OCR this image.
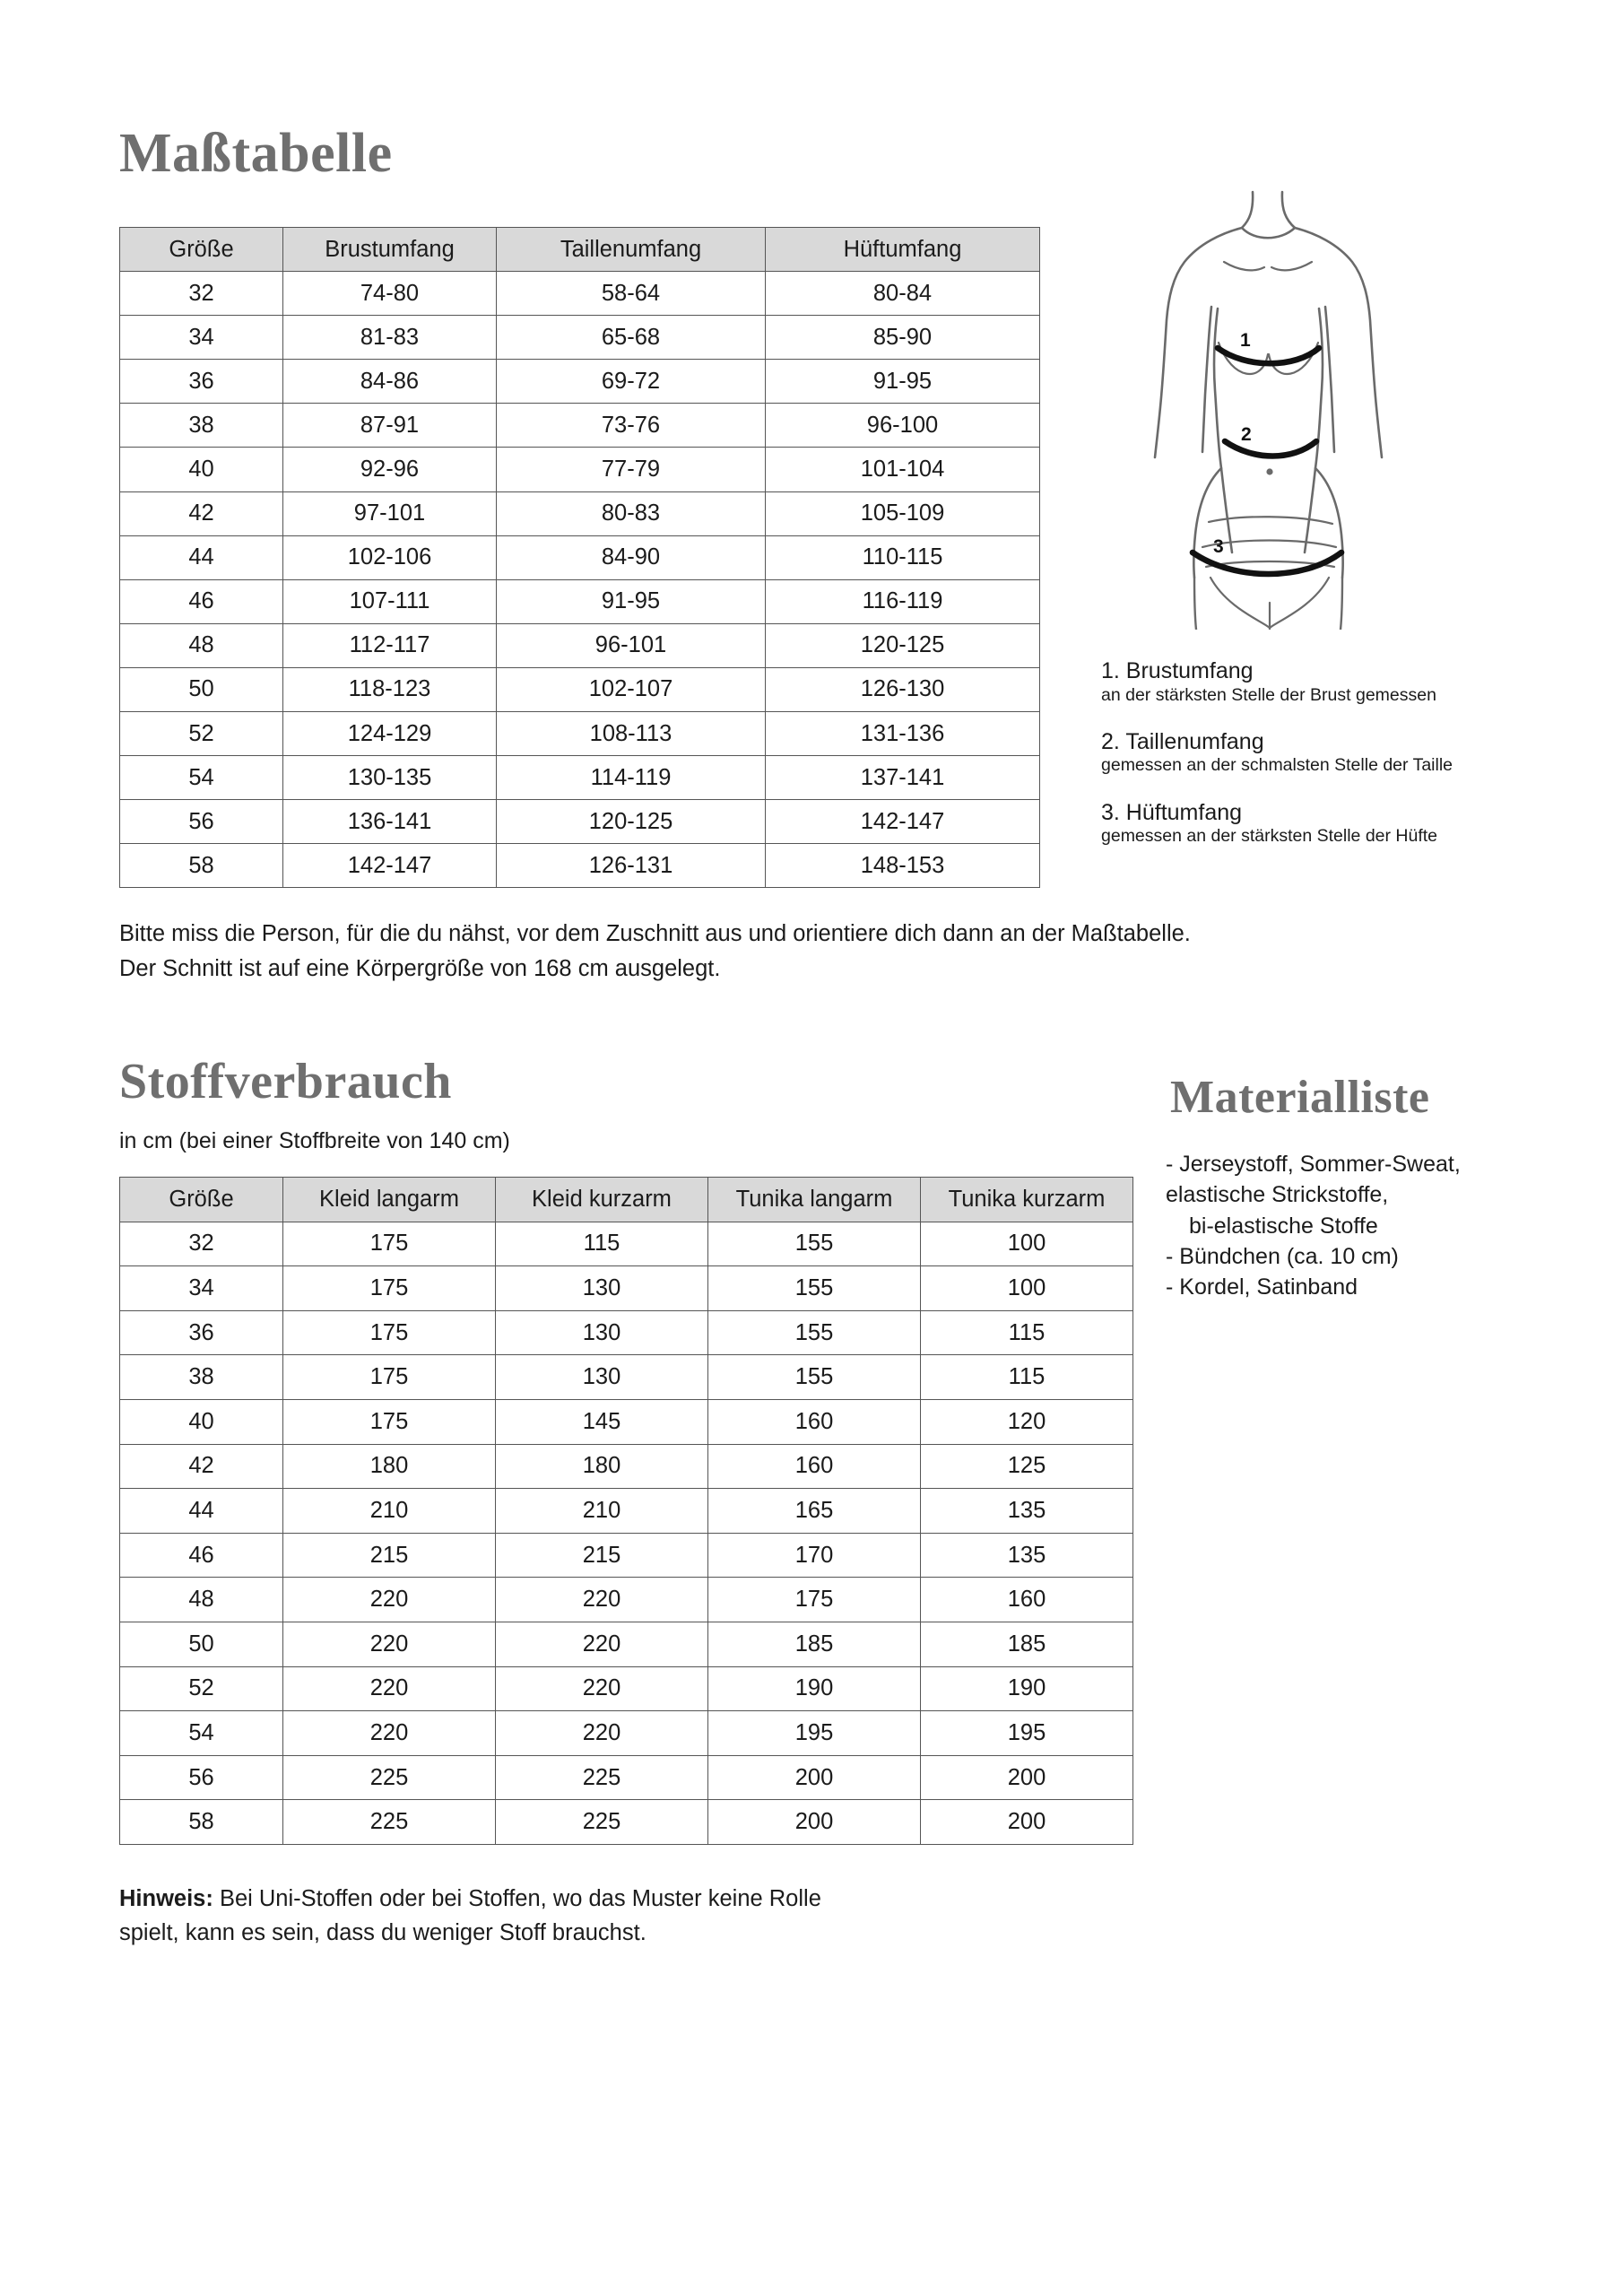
Maßtabelle
Größe	Brustumfang	Taillenumfang	Hüftumfang
32	74-80	58-64	80-84
34	81-83	65-68	85-90
36	84-86	69-72	91-95
38	87-91	73-76	96-100
40	92-96	77-79	101-104
42	97-101	80-83	105-109
44	102-106	84-90	110-115
46	107-111	91-95	116-119
48	112-117	96-101	120-125
50	118-123	102-107	126-130
52	124-129	108-113	131-136
54	130-135	114-119	137-141
56	136-141	120-125	142-147
58	142-147	126-131	148-153
1
2
3
1. Brustumfang
an der stärksten Stelle der Brust gemessen
2. Taillenumfang
gemessen an der schmalsten Stelle der Taille
3. Hüftumfang
gemessen an der stärksten Stelle der Hüfte
Bitte miss die Person, für die du nähst, vor dem Zuschnitt aus und orientiere dich dann an der Maßtabelle.
Der Schnitt ist auf eine Körpergröße von 168 cm ausgelegt.
Stoffverbrauch
in cm (bei einer Stoffbreite von 140 cm)
Größe	Kleid langarm	Kleid kurzarm	Tunika langarm	Tunika kurzarm
32	175	115	155	100
34	175	130	155	100
36	175	130	155	115
38	175	130	155	115
40	175	145	160	120
42	180	180	160	125
44	210	210	165	135
46	215	215	170	135
48	220	220	175	160
50	220	220	185	185
52	220	220	190	190
54	220	220	195	195
56	225	225	200	200
58	225	225	200	200
Materialliste
- Jerseystoff, Sommer-Sweat,
elastische Strickstoffe,
bi-elastische Stoffe
- Bündchen (ca. 10 cm)
- Kordel, Satinband
Hinweis: Bei Uni-Stoffen oder bei Stoffen, wo das Muster keine Rolle
spielt, kann es sein, dass du weniger Stoff brauchst.
